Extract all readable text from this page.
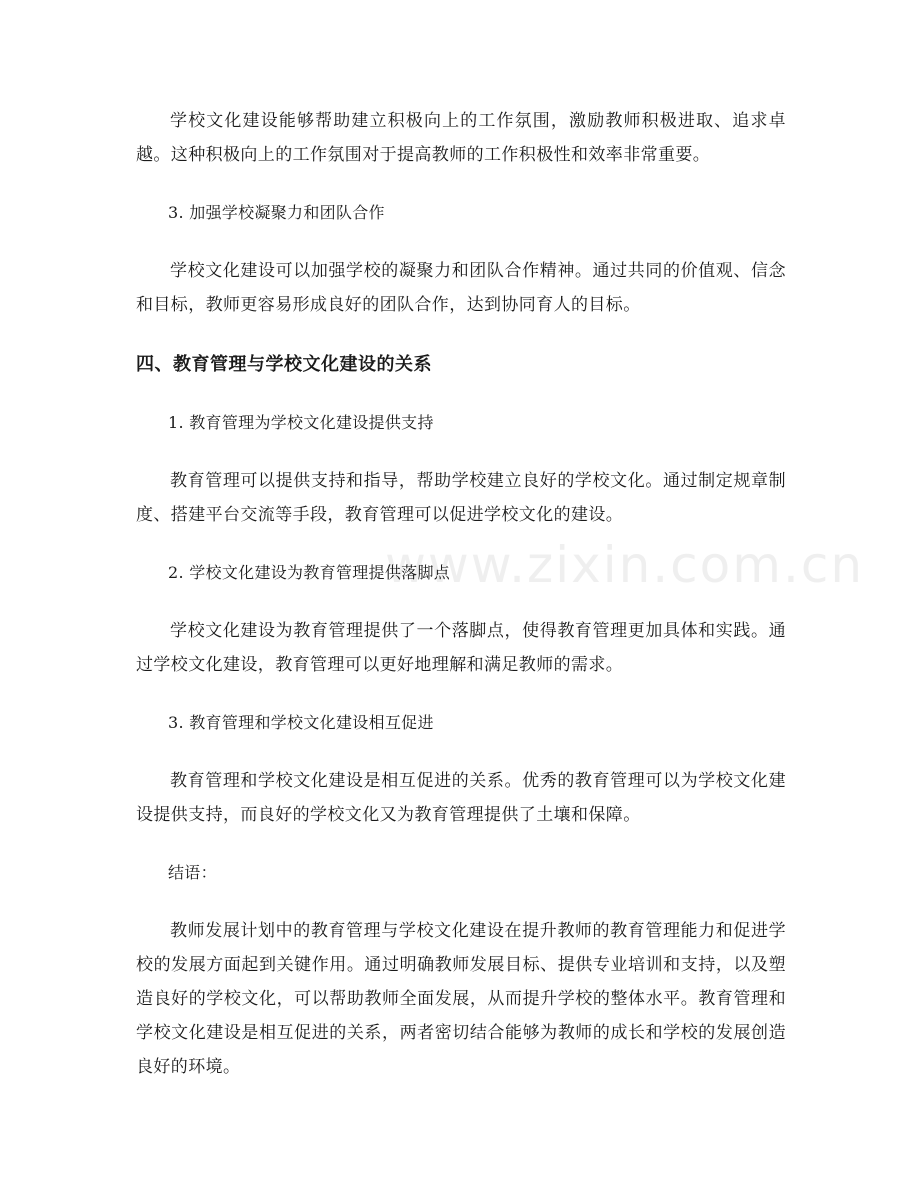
www.zixin.com.cn

学校文化建设能够帮助建立积极向上的工作氛围，激励教师积极进取、追求卓越。这种积极向上的工作氛围对于提高教师的工作积极性和效率非常重要。

3. 加强学校凝聚力和团队合作

学校文化建设可以加强学校的凝聚力和团队合作精神。通过共同的价值观、信念和目标，教师更容易形成良好的团队合作，达到协同育人的目标。

四、教育管理与学校文化建设的关系

1. 教育管理为学校文化建设提供支持

教育管理可以提供支持和指导，帮助学校建立良好的学校文化。通过制定规章制度、搭建平台交流等手段，教育管理可以促进学校文化的建设。

2. 学校文化建设为教育管理提供落脚点

学校文化建设为教育管理提供了一个落脚点，使得教育管理更加具体和实践。通过学校文化建设，教育管理可以更好地理解和满足教师的需求。

3. 教育管理和学校文化建设相互促进

教育管理和学校文化建设是相互促进的关系。优秀的教育管理可以为学校文化建设提供支持，而良好的学校文化又为教育管理提供了土壤和保障。

结语：

教师发展计划中的教育管理与学校文化建设在提升教师的教育管理能力和促进学校的发展方面起到关键作用。通过明确教师发展目标、提供专业培训和支持，以及塑造良好的学校文化，可以帮助教师全面发展，从而提升学校的整体水平。教育管理和学校文化建设是相互促进的关系，两者密切结合能够为教师的成长和学校的发展创造良好的环境。
